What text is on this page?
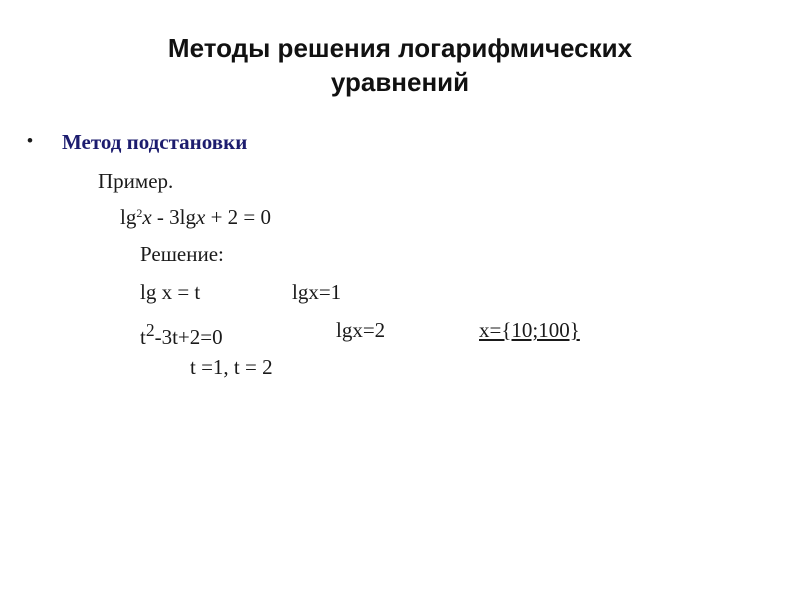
Методы решения логарифмических
уравнений
• Метод подстановки
Пример.
$\lg^2x - 3\lg x + 2 = 0$
Решение:
lg x = t	lgx=1
$t^2-3t+2=0$	lgx=2	x={10;100}
t =1, t = 2
